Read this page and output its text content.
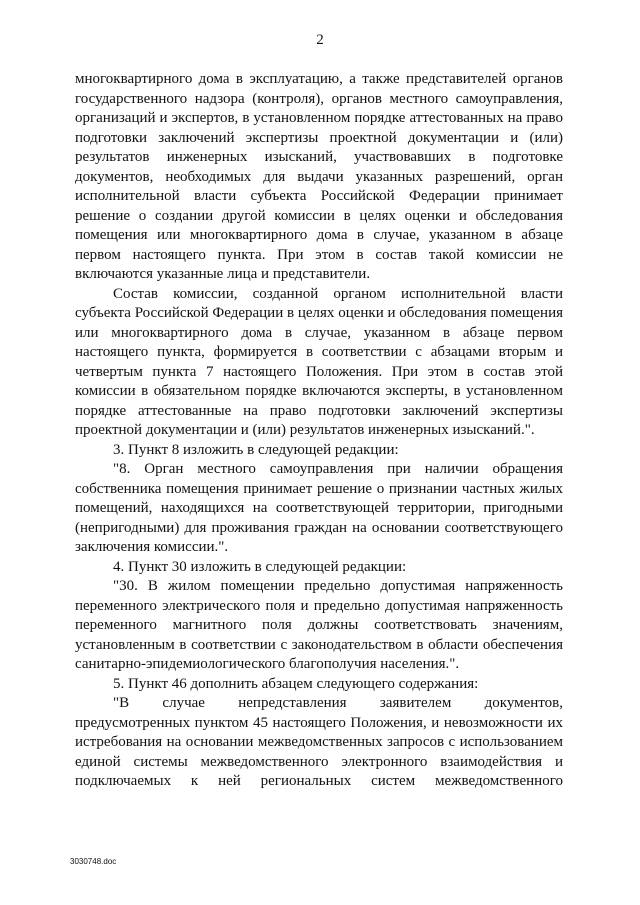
2

многоквартирного дома в эксплуатацию, а также представителей органов государственного надзора (контроля), органов местного самоуправления, организаций и экспертов, в установленном порядке аттестованных на право подготовки заключений экспертизы проектной документации и (или) результатов инженерных изысканий, участвовавших в подготовке документов, необходимых для выдачи указанных разрешений, орган исполнительной власти субъекта Российской Федерации принимает решение о создании другой комиссии в целях оценки и обследования помещения или многоквартирного дома в случае, указанном в абзаце первом настоящего пункта. При этом в состав такой комиссии не включаются указанные лица и представители.

Состав комиссии, созданной органом исполнительной власти субъекта Российской Федерации в целях оценки и обследования помещения или многоквартирного дома в случае, указанном в абзаце первом настоящего пункта, формируется в соответствии с абзацами вторым и четвертым пункта 7 настоящего Положения. При этом в состав этой комиссии в обязательном порядке включаются эксперты, в установленном порядке аттестованные на право подготовки заключений экспертизы проектной документации и (или) результатов инженерных изысканий.".

3. Пункт 8 изложить в следующей редакции:

"8. Орган местного самоуправления при наличии обращения собственника помещения принимает решение о признании частных жилых помещений, находящихся на соответствующей территории, пригодными (непригодными) для проживания граждан на основании соответствующего заключения комиссии.".

4. Пункт 30 изложить в следующей редакции:

"30. В жилом помещении предельно допустимая напряженность переменного электрического поля и предельно допустимая напряженность переменного магнитного поля должны соответствовать значениям, установленным в соответствии с законодательством в области обеспечения санитарно-эпидемиологического благополучия населения.".

5. Пункт 46 дополнить абзацем следующего содержания:

"В случае непредставления заявителем документов, предусмотренных пунктом 45 настоящего Положения, и невозможности их истребования на основании межведомственных запросов с использованием единой системы межведомственного электронного взаимодействия и подключаемых к ней региональных систем межведомственного

3030748.doc
